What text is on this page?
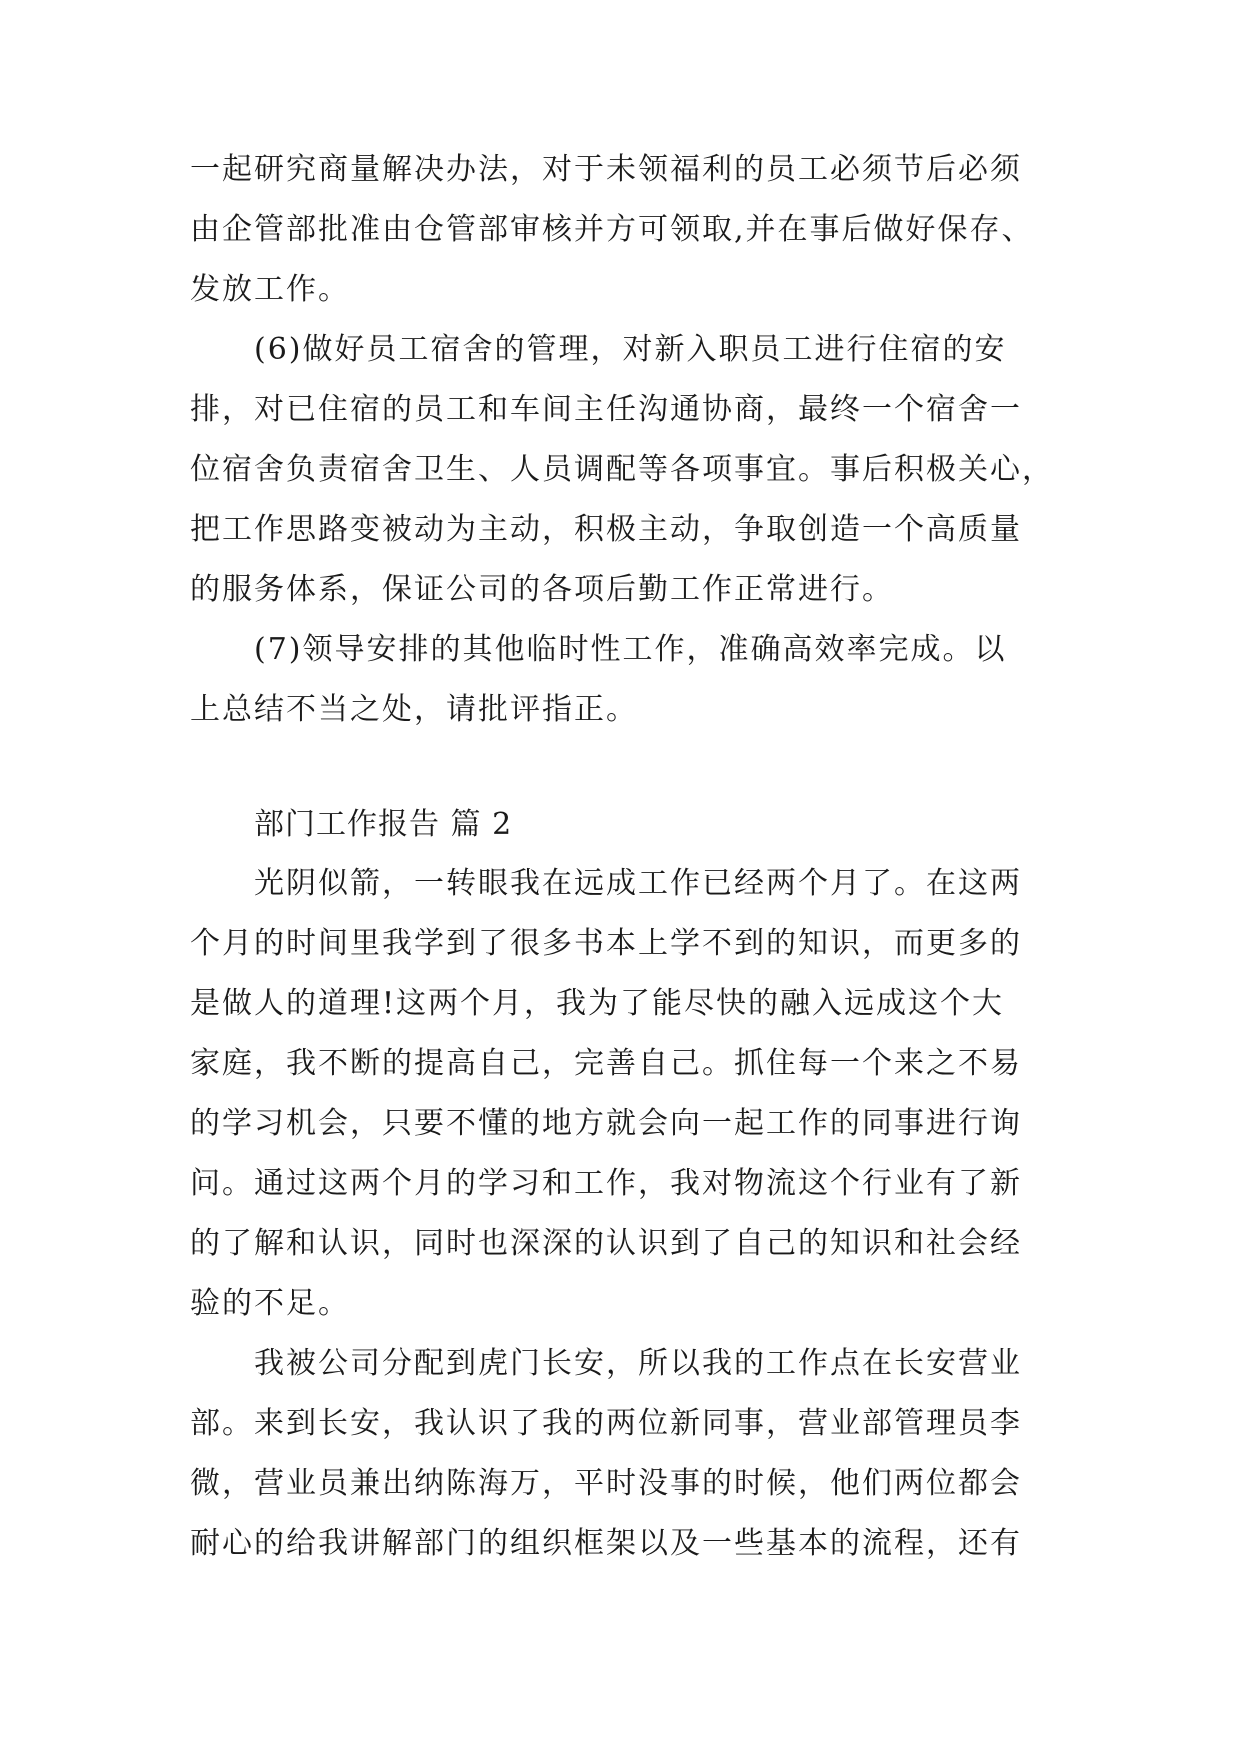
一起研究商量解决办法，对于未领福利的员工必须节后必须
由企管部批准由仓管部审核并方可领取,并在事后做好保存、
发放工作。
(6)做好员工宿舍的管理，对新入职员工进行住宿的安
排，对已住宿的员工和车间主任沟通协商，最终一个宿舍一
位宿舍负责宿舍卫生、人员调配等各项事宜。事后积极关心，
把工作思路变被动为主动，积极主动，争取创造一个高质量
的服务体系，保证公司的各项后勤工作正常进行。
(7)领导安排的其他临时性工作，准确高效率完成。以
上总结不当之处，请批评指正。
部门工作报告 篇 2
光阴似箭，一转眼我在远成工作已经两个月了。在这两
个月的时间里我学到了很多书本上学不到的知识，而更多的
是做人的道理!这两个月，我为了能尽快的融入远成这个大
家庭，我不断的提高自己，完善自己。抓住每一个来之不易
的学习机会，只要不懂的地方就会向一起工作的同事进行询
问。通过这两个月的学习和工作，我对物流这个行业有了新
的了解和认识，同时也深深的认识到了自己的知识和社会经
验的不足。
我被公司分配到虎门长安，所以我的工作点在长安营业
部。来到长安，我认识了我的两位新同事，营业部管理员李
微，营业员兼出纳陈海万，平时没事的时候，他们两位都会
耐心的给我讲解部门的组织框架以及一些基本的流程，还有
